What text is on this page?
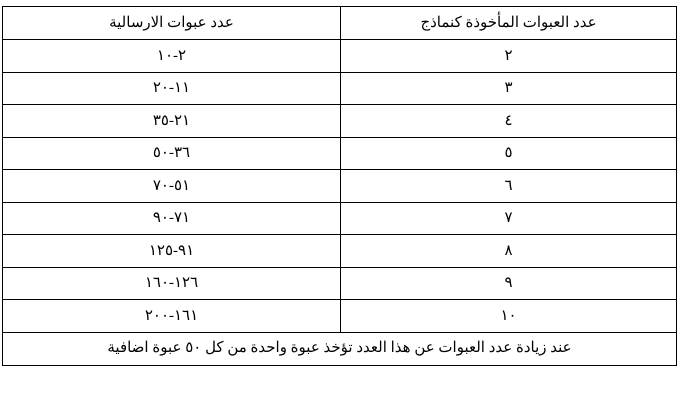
عدد العبوات المأخوذة كنماذج	عدد عبوات الارسالية
٢	٢-١٠
٣	١١-٢٠
٤	٢١-٣٥
٥	٣٦-٥٠
٦	٥١-٧٠
٧	٧١-٩٠
٨	٩١-١٢٥
٩	١٢٦-١٦٠
١٠	١٦١-٢٠٠
عند زيادة عدد العبوات عن هذا العدد تؤخذ عبوة واحدة من كل ٥٠ عبوة اضافية	
